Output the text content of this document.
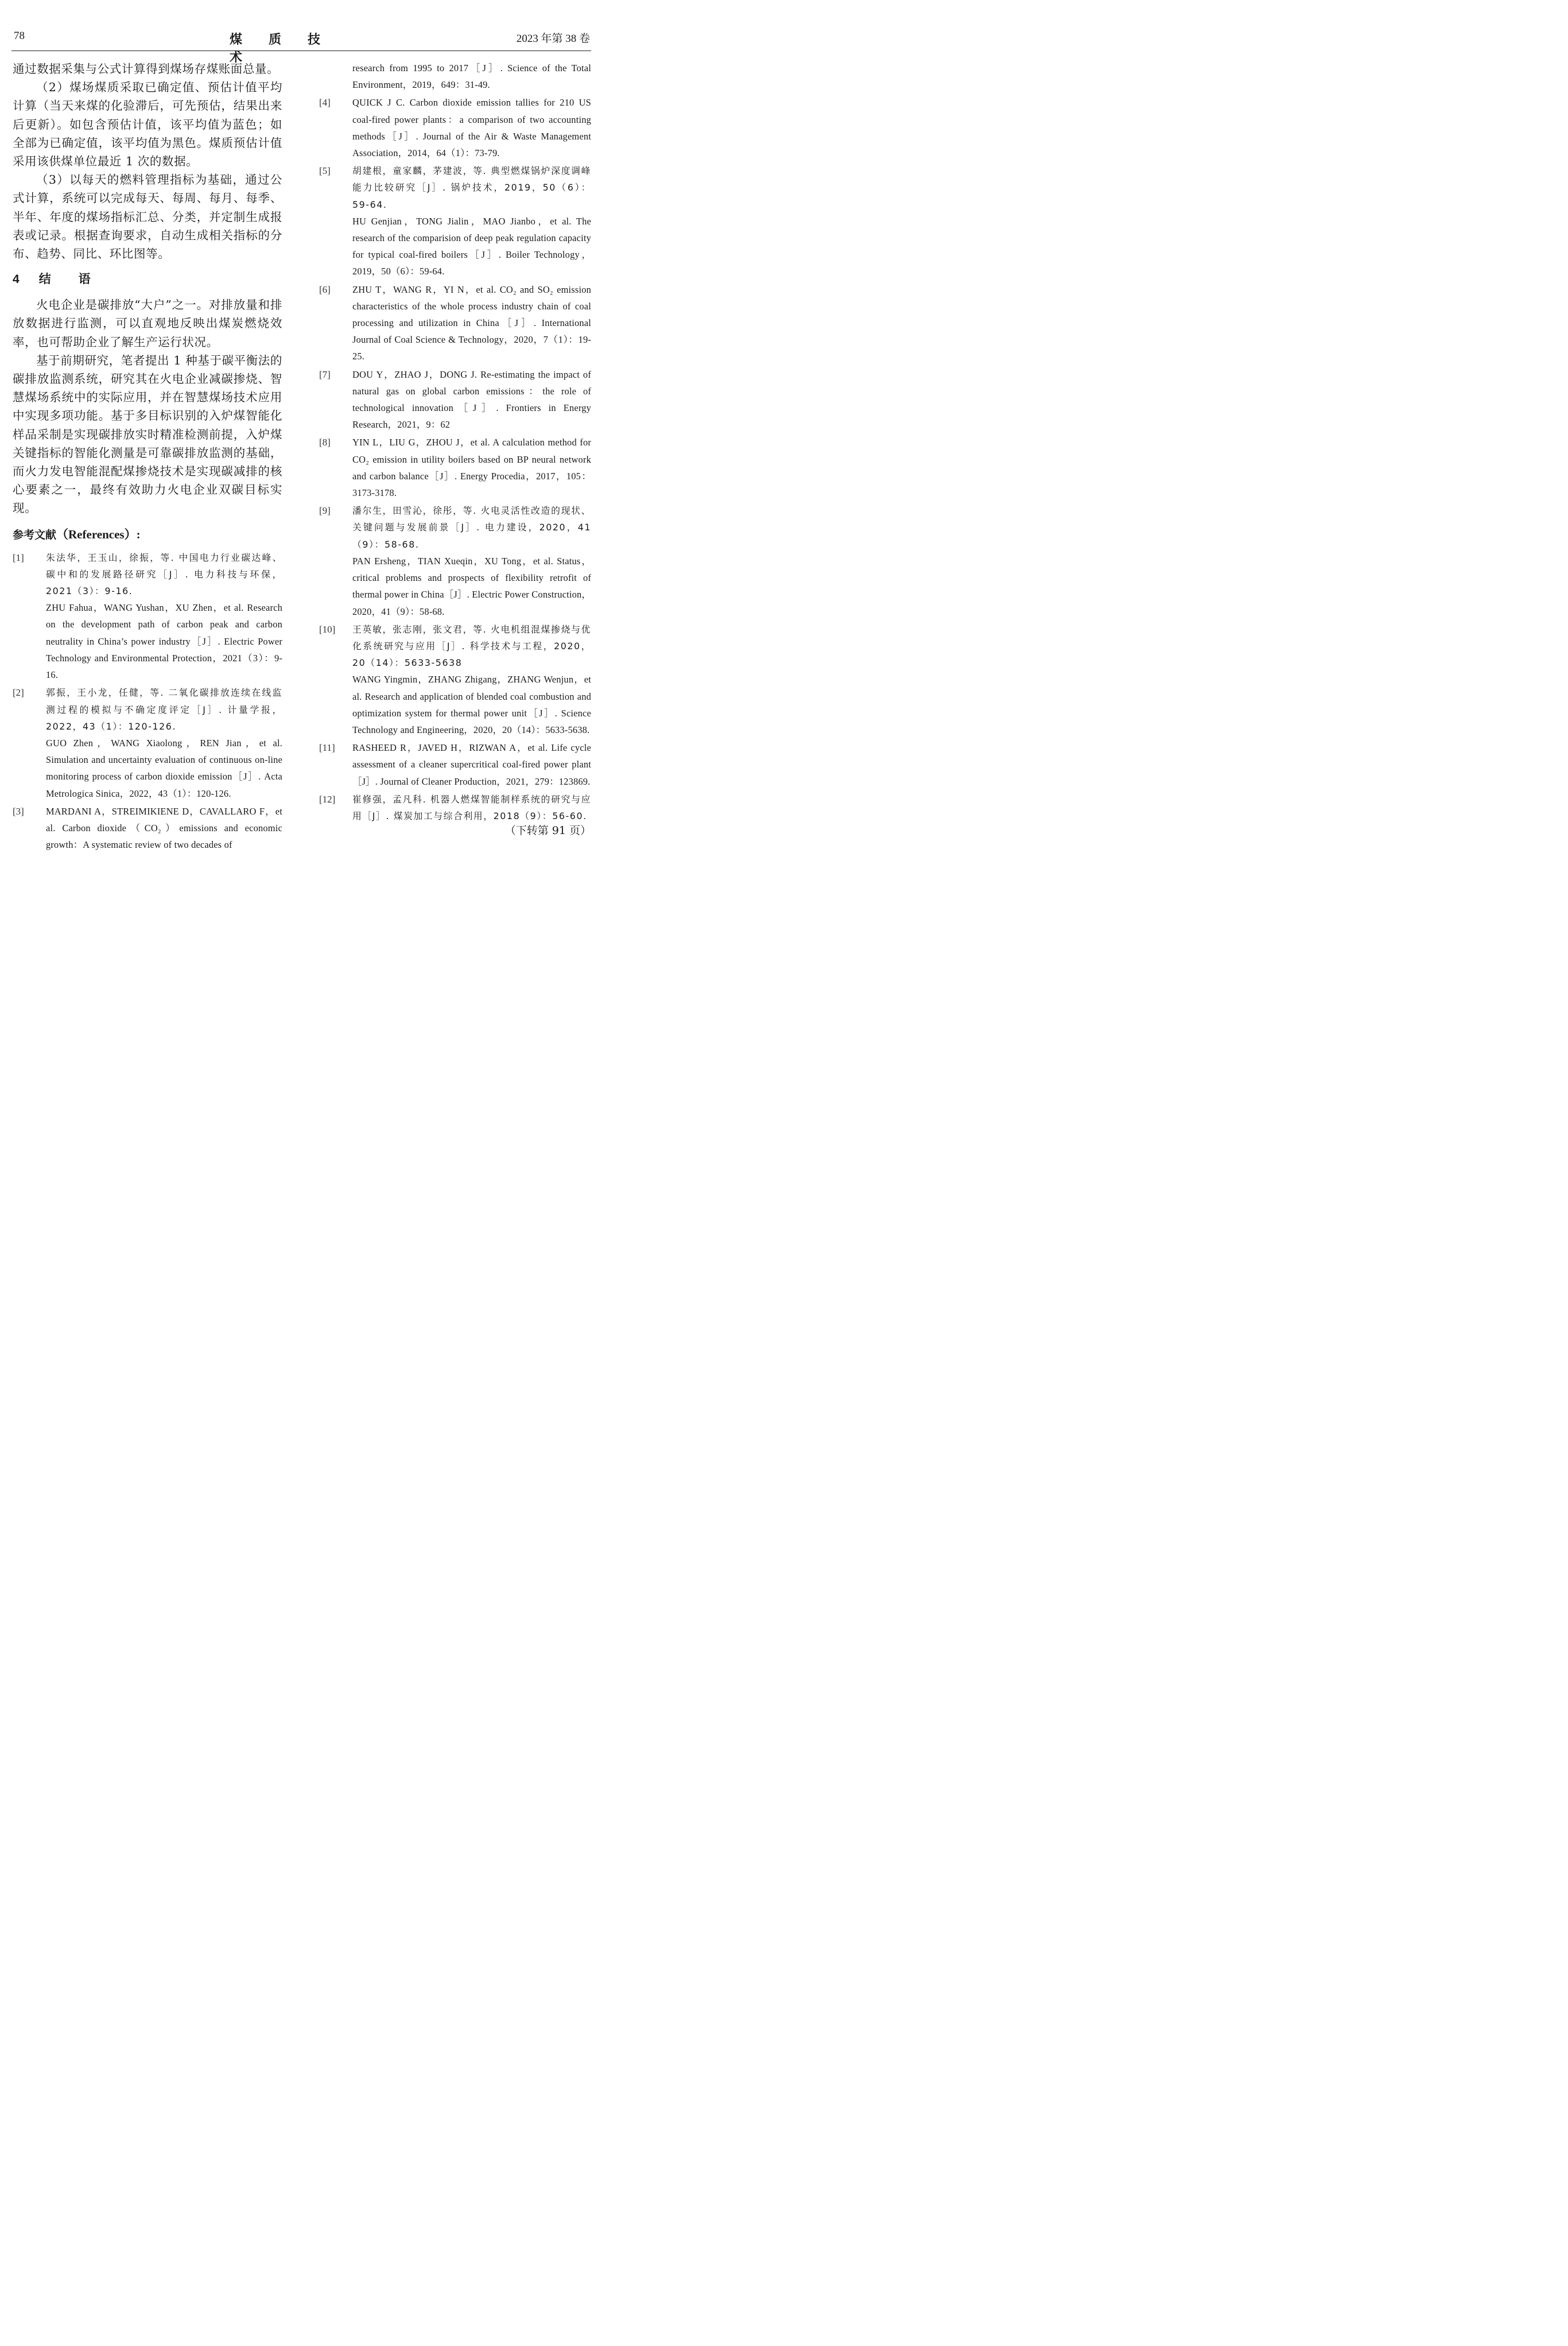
78	煤质技术
2023 年第 38 卷

通过数据采集与公式计算得到煤场存煤账面总量。

（2）煤场煤质采取已确定值、预估计值平均计算（当天来煤的化验滞后，可先预估，结果出来后更新）。如包含预估计值，该平均值为蓝色；如全部为已确定值，该平均值为黑色。煤质预估计值采用该供煤单位最近 1 次的数据。

（3）以每天的燃料管理指标为基础，通过公式计算，系统可以完成每天、每周、每月、每季、半年、年度的煤场指标汇总、分类，并定制生成报表或记录。根据查询要求，自动生成相关指标的分布、趋势、同比、环比图等。

4 结语

火电企业是碳排放“大户”之一。对排放量和排放数据进行监测，可以直观地反映出煤炭燃烧效率，也可帮助企业了解生产运行状况。

基于前期研究，笔者提出 1 种基于碳平衡法的碳排放监测系统，研究其在火电企业减碳掺烧、智慧煤场系统中的实际应用，并在智慧煤场技术应用中实现多项功能。基于多目标识别的入炉煤智能化样品采制是实现碳排放实时精准检测前提，入炉煤关键指标的智能化测量是可靠碳排放监测的基础，而火力发电智能混配煤掺烧技术是实现碳减排的核心要素之一，最终有效助力火电企业双碳目标实现。

参考文献（References）:
[1]	朱法华，王玉山，徐振，等. 中国电力行业碳达峰、碳中和的发展路径研究［J］. 电力科技与环保，2021（3）：9-16.

ZHU Fahua，WANG Yushan，XU Zhen，et al. Research on the development path of carbon peak and carbon neutrality in China’s power industry［J］. Electric Power Technology and Environmental Protection，2021（3）：9-16.

[2]	郭振，王小龙，任健，等. 二氧化碳排放连续在线监测过程的模拟与不确定度评定［J］. 计量学报，2022，43（1）：120-126.

GUO Zhen，WANG Xiaolong，REN Jian，et al. Simulation and uncertainty evaluation of continuous on-line monitoring process of carbon dioxide emission［J］. Acta Metrologica Sinica，2022，43（1）：120-126.

[3]	MARDANI A，STREIMIKIENE D，CAVALLARO F，et al. Carbon dioxide（CO₂）emissions and economic growth：A systematic review of two decades of

research from 1995 to 2017［J］. Science of the Total Environment，2019，649：31-49.

[4]	QUICK J C. Carbon dioxide emission tallies for 210 US coal-fired power plants：a comparison of two accounting methods［J］. Journal of the Air & Waste Management Association，2014，64（1）：73-79.

[5]	胡建根，童家麟，茅建波，等. 典型燃煤锅炉深度调峰能力比较研究［J］. 锅炉技术，2019，50（6）：59-64.

HU Genjian，TONG Jialin，MAO Jianbo，et al. The research of the comparision of deep peak regulation capacity for typical coal-fired boilers［J］. Boiler Technology，2019，50（6）：59-64.

[6]	ZHU T，WANG R，YI N，et al. CO₂ and SO₂ emission characteristics of the whole process industry chain of coal processing and utilization in China［J］. International Journal of Coal Science & Technology，2020，7（1）：19-25.

[7]	DOU Y，ZHAO J，DONG J. Re-estimating the impact of natural gas on global carbon emissions：the role of technological innovation［J］. Frontiers in Energy Research，2021，9：62

[8]	YIN L，LIU G，ZHOU J，et al. A calculation method for CO₂ emission in utility boilers based on BP neural network and carbon balance［J］. Energy Procedia，2017，105：3173-3178.

[9]	潘尔生，田雪沁，徐彤，等. 火电灵活性改造的现状、关键问题与发展前景［J］. 电力建设，2020，41（9）：58-68.

PAN Ersheng，TIAN Xueqin，XU Tong，et al. Status，critical problems and prospects of flexibility retrofit of thermal power in China［J］. Electric Power Construction，2020，41（9）：58-68.

[10]	王英敏，张志刚，张文君，等. 火电机组混煤掺烧与优化系统研究与应用［J］. 科学技术与工程，2020，20（14）：5633-5638

WANG Yingmin，ZHANG Zhigang，ZHANG Wenjun，et al. Research and application of blended coal combustion and optimization system for thermal power unit［J］. Science Technology and Engineering，2020，20（14）：5633-5638.

[11]	RASHEED R，JAVED H，RIZWAN A，et al. Life cycle assessment of a cleaner supercritical coal-fired power plant［J］. Journal of Cleaner Production，2021，279：123869.

[12]	崔修强，孟凡科. 机器人燃煤智能制样系统的研究与应用［J］. 煤炭加工与综合利用，2018（9）：56-60.

（下转第 91 页）
